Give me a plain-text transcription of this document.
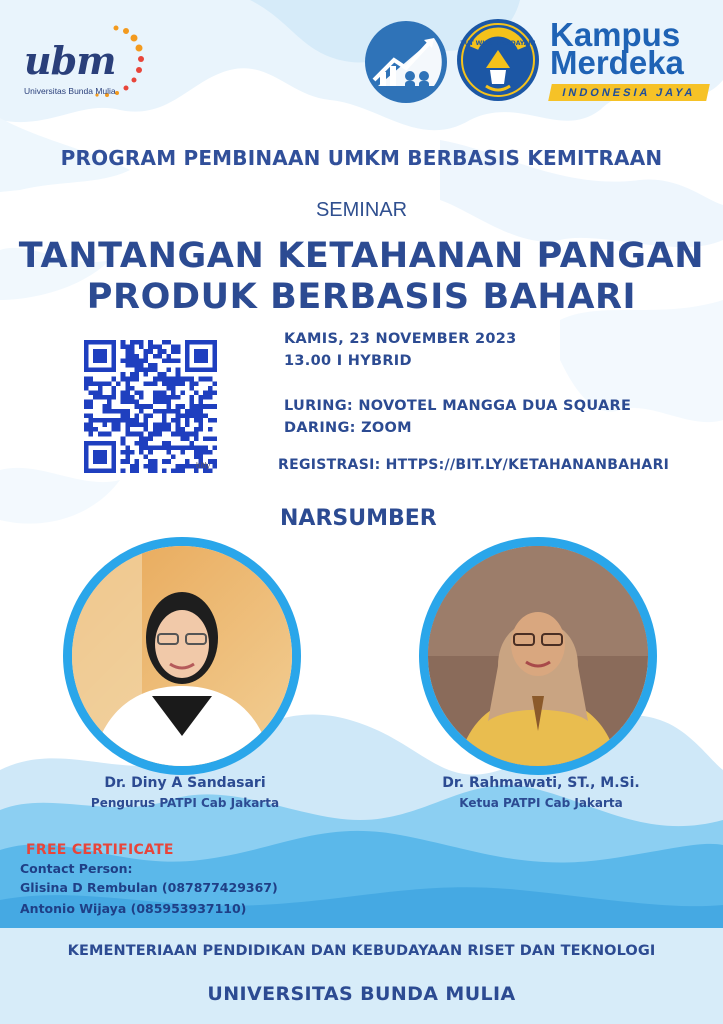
ubm
Universitas Bunda Mulia
TUT WURI HANDAYANI Kampus
Merdeka
INDONESIA JAYA
PROGRAM PEMBINAAN UMKM BERBASIS KEMITRAAN
SEMINAR
TANTANGAN KETAHANAN PANGAN
PRODUK BERBASIS BAHARI
bitly
KAMIS, 23 NOVEMBER 2023
13.00 I HYBRID
LURING: NOVOTEL MANGGA DUA SQUARE
DARING: ZOOM
REGISTRASI: HTTPS://BIT.LY/KETAHANANBAHARI
NARSUMBER
Dr. Diny A Sandasari
Pengurus PATPI Cab Jakarta
Dr. Rahmawati, ST., M.Si.
Ketua PATPI Cab Jakarta
FREE CERTIFICATE
Contact Person:
Glisina D Rembulan (087877429367)
Antonio Wijaya (085953937110)
KEMENTERIAAN PENDIDIKAN DAN KEBUDAYAAN RISET DAN TEKNOLOGI
UNIVERSITAS BUNDA MULIA
